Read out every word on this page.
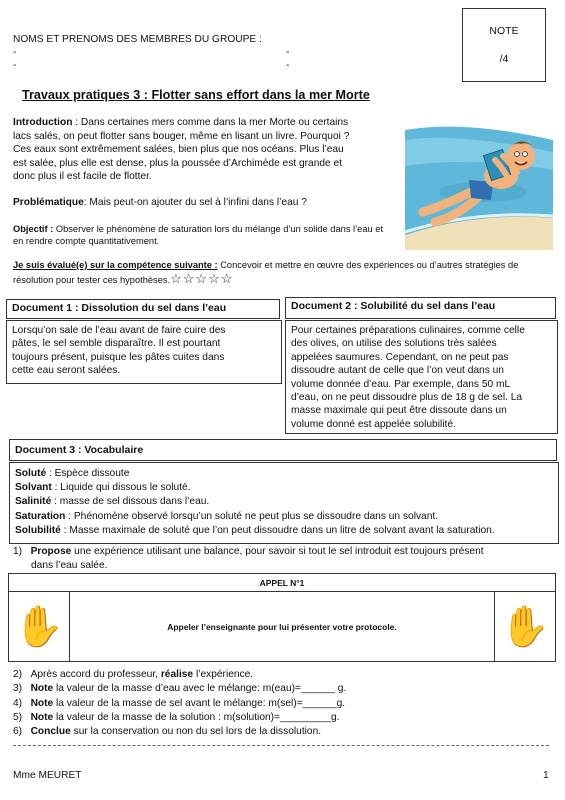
NOMS ET PRENOMS DES MEMBRES DU GROUPE :
-	-
-	-
NOTE
/4
Travaux pratiques 3 : Flotter sans effort dans la mer Morte
Introduction : Dans certaines mers comme dans la mer Morte ou certains
lacs salés, on peut flotter sans bouger, même en lisant un livre. Pourquoi ?
Ces eaux sont extrêmement salées, bien plus que nos océans. Plus l’eau
est salée, plus elle est dense, plus la poussée d’Archimède est grande et
donc plus il est facile de flotter.
Problématique: Mais peut-on ajouter du sel à l’infini dans l’eau ?
Objectif : Observer le phénomène de saturation lors du mélange d’un solide dans l’eau et
en rendre compte quantitativement.
Je suis évalué(e) sur la compétence suivante : Concevoir et mettre en œuvre des expériences ou d’autres stratégies de
résolution pour tester ces hypothèses.☆☆☆☆☆
Document 1 : Dissolution du sel dans l’eau
Lorsqu’on sale de l’eau avant de faire cuire des
pâtes, le sel semble disparaître. Il est pourtant
toujours présent, puisque les pâtes cuites dans
cette eau seront salées.
Document 2 : Solubilité du sel dans l’eau
Pour certaines préparations culinaires, comme celle
des olives, on utilise des solutions très salées
appelées saumures. Cependant, on ne peut pas
dissoudre autant de celle que l’on veut dans un
volume donnée d’eau. Par exemple, dans 50 mL
d’eau, on ne peut dissoudre plus de 18 g de sel. La
masse maximale qui peut être dissoute dans un
volume donné est appelée solubilité.
Document 3 : Vocabulaire
Soluté : Espèce dissoute
Solvant : Liquide qui dissous le soluté.
Salinité : masse de sel dissous dans l’eau.
Saturation : Phénomène observé lorsqu’un soluté ne peut plus se dissoudre dans un solvant.
Solubilité : Masse maximale de soluté que l’on peut dissoudre dans un litre de solvant avant la saturation.
1) Propose une expérience utilisant une balance, pour savoir si tout le sel introduit est toujours présent
dans l’eau salée.
APPEL N°1
✋	Appeler l’enseignante pour lui présenter votre protocole.	✋
2) Après accord du professeur, réalise l’expérience.
3) Note la valeur de la masse d’eau avec le mélange: m(eau)=______ g.
4) Note la valeur de la masse de sel avant le mélange: m(sel)=______g.
5) Note la valeur de la masse de la solution : m(solution)=_________g.
6) Conclue sur la conservation ou non du sel lors de la dissolution.
Mme MEURET	1
